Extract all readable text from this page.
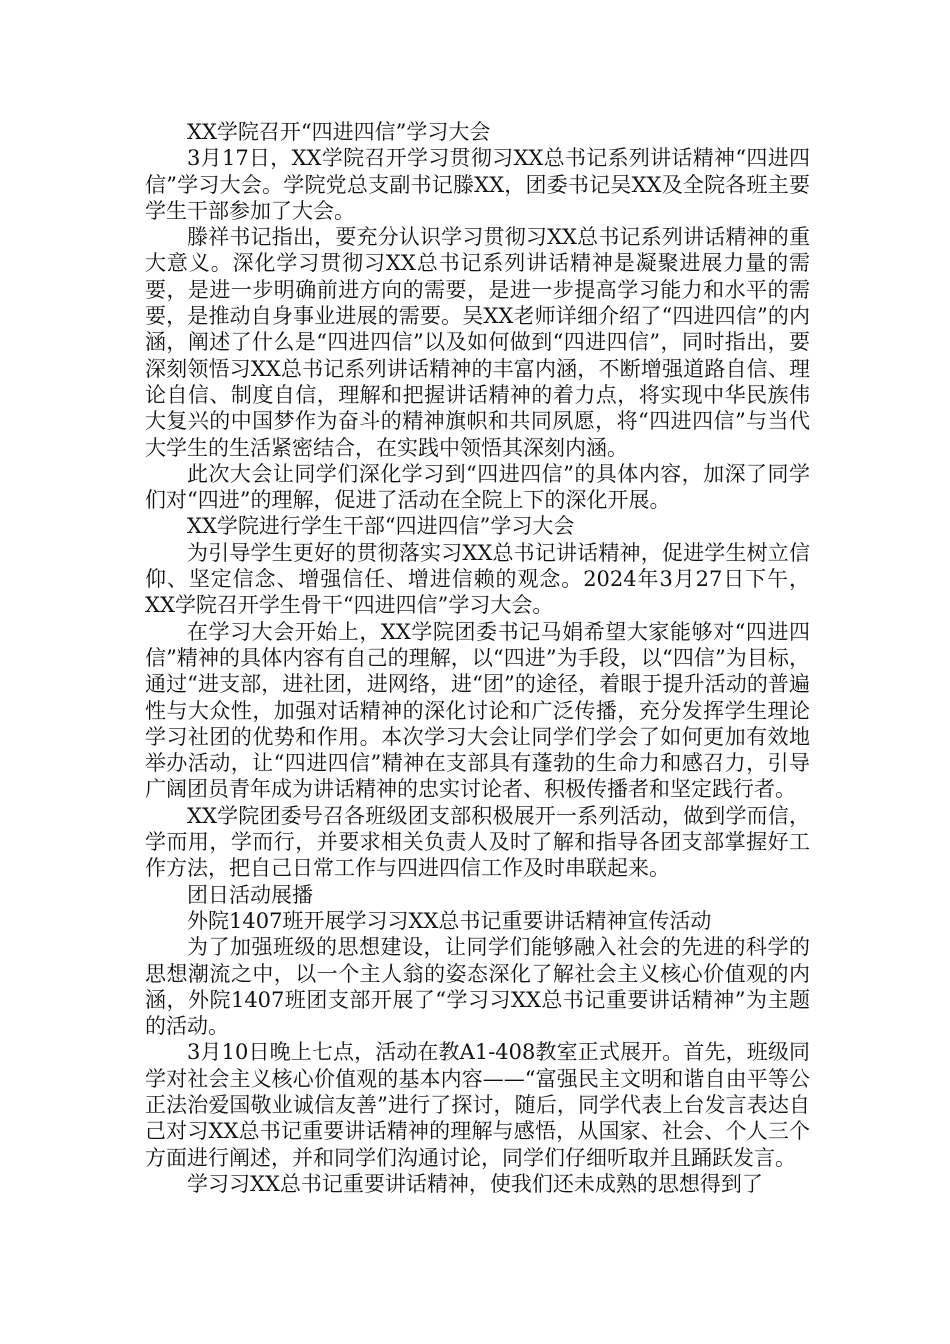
XX学院召开“四进四信”学习大会

3月17日，XX学院召开学习贯彻习XX总书记系列讲话精神“四进四信”学习大会。学院党总支副书记滕XX，团委书记吴XX及全院各班主要学生干部参加了大会。

滕祥书记指出，要充分认识学习贯彻习XX总书记系列讲话精神的重大意义。深化学习贯彻习XX总书记系列讲话精神是凝聚进展力量的需要，是进一步明确前进方向的需要，是进一步提高学习能力和水平的需要，是推动自身事业进展的需要。吴XX老师详细介绍了“四进四信”的内涵，阐述了什么是“四进四信”以及如何做到“四进四信”，同时指出，要深刻领悟习XX总书记系列讲话精神的丰富内涵，不断增强道路自信、理论自信、制度自信，理解和把握讲话精神的着力点，将实现中华民族伟大复兴的中国梦作为奋斗的精神旗帜和共同夙愿，将“四进四信”与当代大学生的生活紧密结合，在实践中领悟其深刻内涵。

此次大会让同学们深化学习到“四进四信”的具体内容，加深了同学们对“四进”的理解，促进了活动在全院上下的深化开展。

XX学院进行学生干部“四进四信”学习大会

为引导学生更好的贯彻落实习XX总书记讲话精神，促进学生树立信仰、坚定信念、增强信任、增进信赖的观念。2024年3月27日下午，XX学院召开学生骨干“四进四信”学习大会。

在学习大会开始上，XX学院团委书记马娟希望大家能够对“四进四信”精神的具体内容有自己的理解，以“四进”为手段，以“四信”为目标，通过“进支部，进社团，进网络，进“团”的途径，着眼于提升活动的普遍性与大众性，加强对话精神的深化讨论和广泛传播，充分发挥学生理论学习社团的优势和作用。本次学习大会让同学们学会了如何更加有效地举办活动，让“四进四信”精神在支部具有蓬勃的生命力和感召力，引导广阔团员青年成为讲话精神的忠实讨论者、积极传播者和坚定践行者。

XX学院团委号召各班级团支部积极展开一系列活动，做到学而信，学而用，学而行，并要求相关负责人及时了解和指导各团支部掌握好工作方法，把自己日常工作与四进四信工作及时串联起来。

团日活动展播

外院1407班开展学习习XX总书记重要讲话精神宣传活动

为了加强班级的思想建设，让同学们能够融入社会的先进的科学的思想潮流之中，以一个主人翁的姿态深化了解社会主义核心价值观的内涵，外院1407班团支部开展了“学习习XX总书记重要讲话精神”为主题的活动。

3月10日晚上七点，活动在教A1-408教室正式展开。首先，班级同学对社会主义核心价值观的基本内容——“富强民主文明和谐自由平等公正法治爱国敬业诚信友善”进行了探讨，随后，同学代表上台发言表达自己对习XX总书记重要讲话精神的理解与感悟，从国家、社会、个人三个方面进行阐述，并和同学们沟通讨论，同学们仔细听取并且踊跃发言。

学习习XX总书记重要讲话精神，使我们还未成熟的思想得到了
